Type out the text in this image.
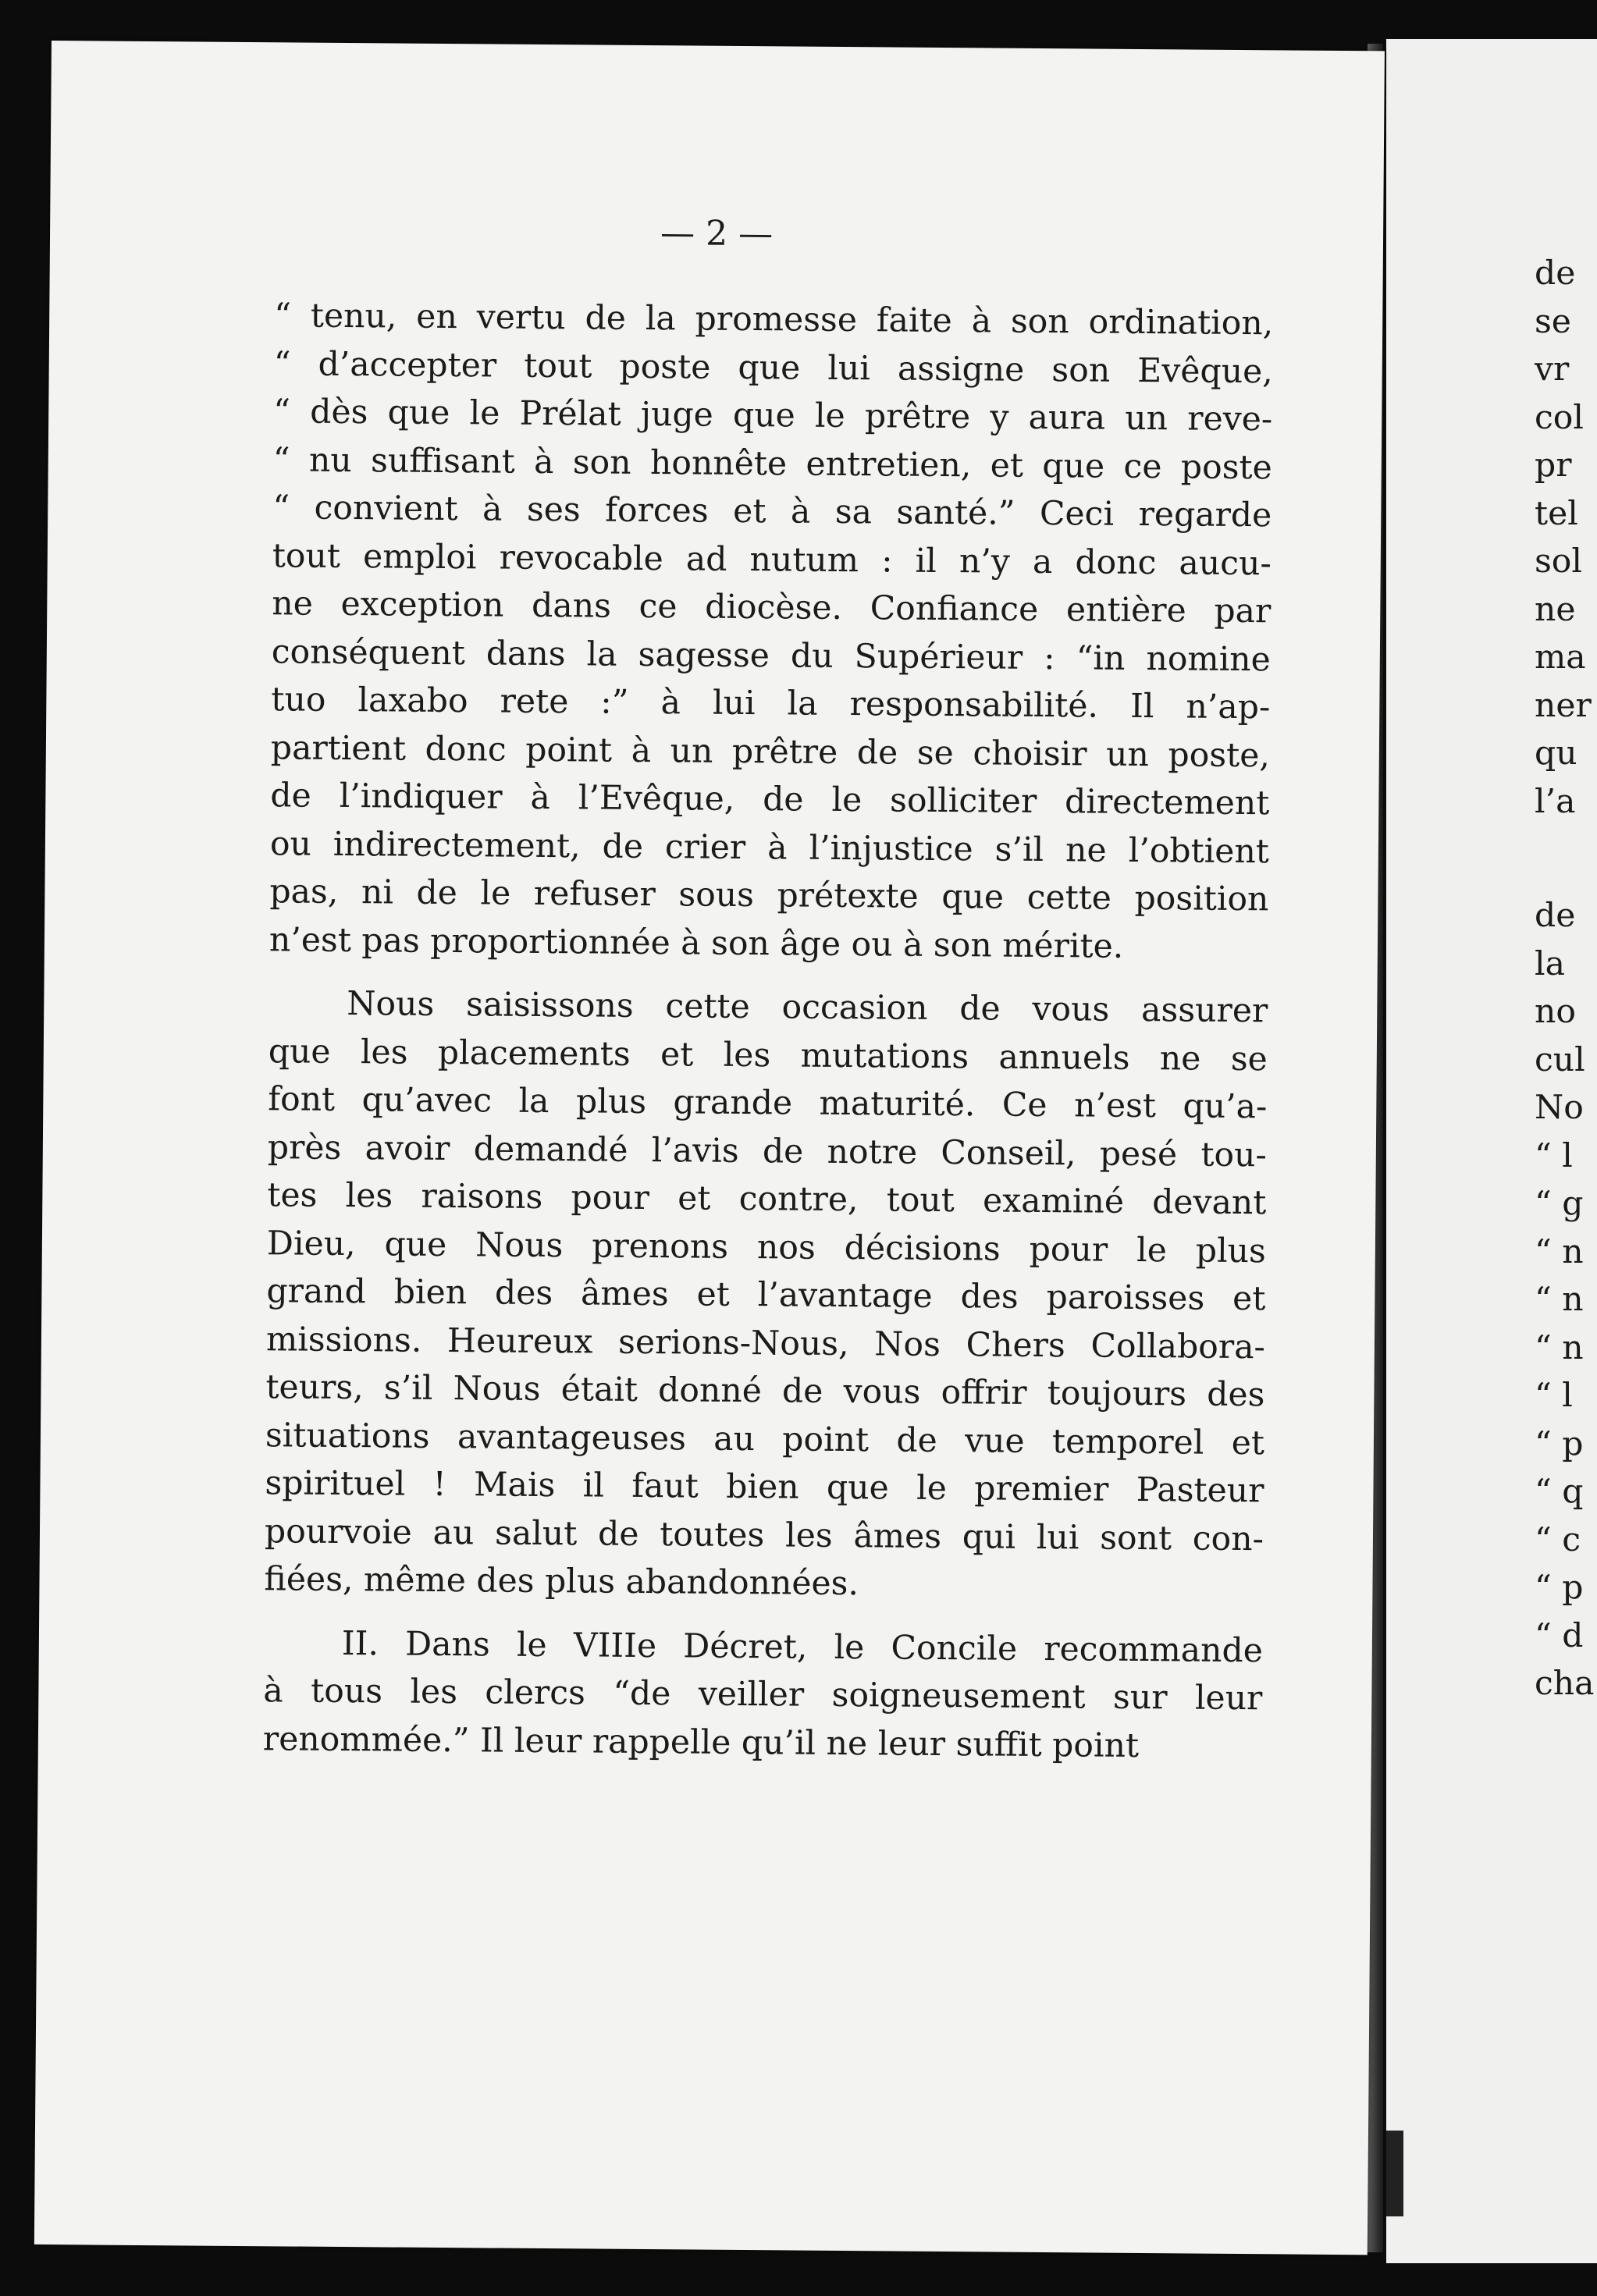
de
se
vr
col
pr
tel
sol
ne
ma
ner
qu
l’a
de
la
no
cul
No
“ l
“ g
“ n
“ n
“ n
“ l
“ p
“ q
“ c
“ p
“ d
cha
— 2 —

“ tenu, en vertu de la promesse faite à son ordination,
“ d’accepter tout poste que lui assigne son Evêque,
“ dès que le Prélat juge que le prêtre y aura un reve-
“ nu suffisant à son honnête entretien, et que ce poste
“ convient à ses forces et à sa santé.” Ceci regarde
tout emploi revocable ad nutum : il n’y a donc aucu-
ne exception dans ce diocèse. Confiance entière par
conséquent dans la sagesse du Supérieur : “in nomine
tuo laxabo rete :” à lui la responsabilité. Il n’ap-
partient donc point à un prêtre de se choisir un poste,
de l’indiquer à l’Evêque, de le solliciter directement
ou indirectement, de crier à l’injustice s’il ne l’obtient
pas, ni de le refuser sous prétexte que cette position
n’est pas proportionnée à son âge ou à son mérite.

Nous saisissons cette occasion de vous assurer
que les placements et les mutations annuels ne se
font qu’avec la plus grande maturité. Ce n’est qu’a-
près avoir demandé l’avis de notre Conseil, pesé tou-
tes les raisons pour et contre, tout examiné devant
Dieu, que Nous prenons nos décisions pour le plus
grand bien des âmes et l’avantage des paroisses et
missions. Heureux serions-Nous, Nos Chers Collabora-
teurs, s’il Nous était donné de vous offrir toujours des
situations avantageuses au point de vue temporel et
spirituel ! Mais il faut bien que le premier Pasteur
pourvoie au salut de toutes les âmes qui lui sont con-
fiées, même des plus abandonnées.

II. Dans le VIIIe Décret, le Concile recommande
à tous les clercs “de veiller soigneusement sur leur
renommée.” Il leur rappelle qu’il ne leur suffit point
